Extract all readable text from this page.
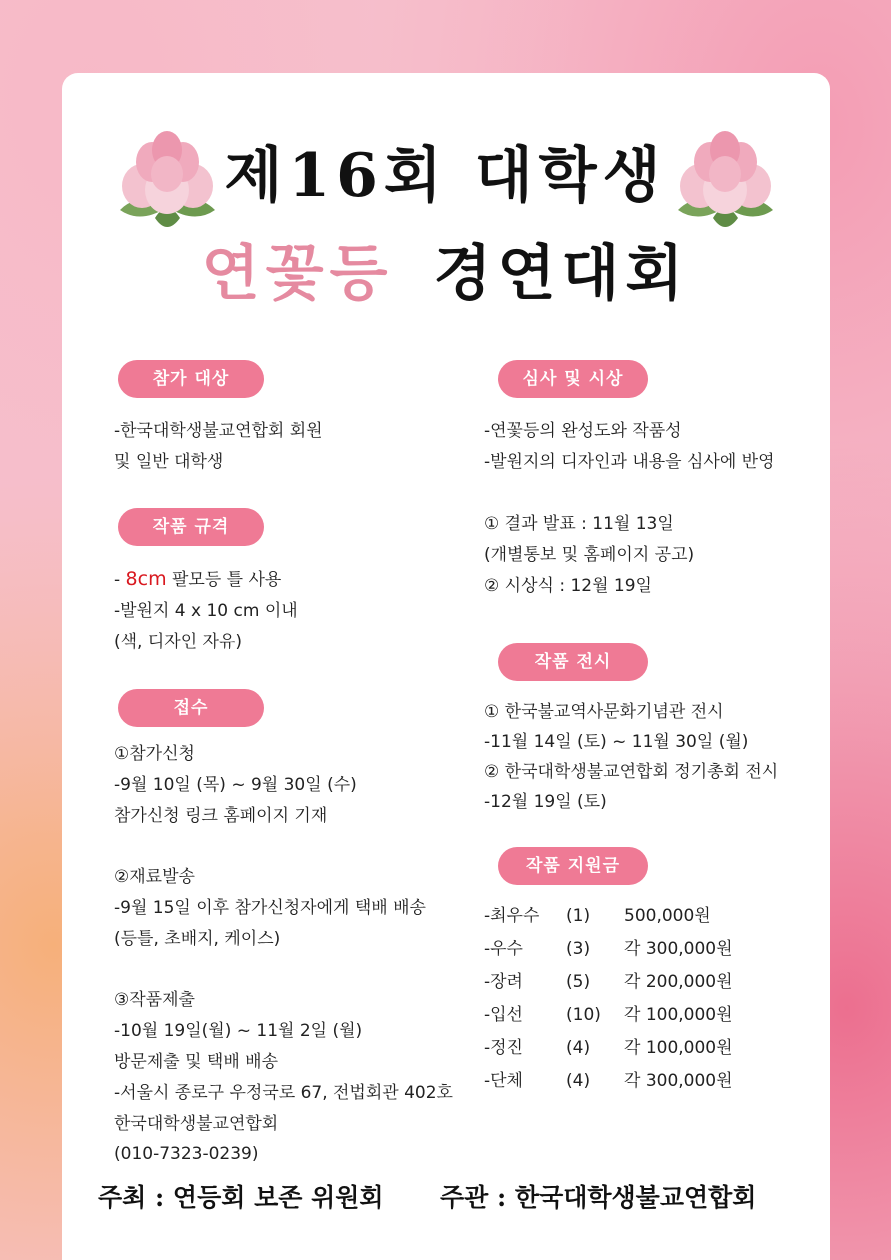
제16회 대학생
연꽃등 경연대회
참가 대상
-한국대학생불교연합회 회원
및 일반 대학생
작품 규격
- 8cm 팔모등 틀 사용
-발원지 4 x 10 cm 이내
(색, 디자인 자유)
접수
①참가신청
-9월 10일 (목) ~ 9월 30일 (수)
참가신청 링크 홈페이지 기재

②재료발송
-9월 15일 이후 참가신청자에게 택배 배송
(등틀, 초배지, 케이스)

③작품제출
-10월 19일(월) ~ 11월 2일 (월)
방문제출 및 택배 배송
-서울시 종로구 우정국로 67, 전법회관 402호
한국대학생불교연합회
(010-7323-0239)
심사 및 시상
-연꽃등의 완성도와 작품성
-발원지의 디자인과 내용을 심사에 반영

① 결과 발표 : 11월 13일
(개별통보 및 홈페이지 공고)
② 시상식 : 12월 19일
작품 전시
① 한국불교역사문화기념관 전시
-11월 14일 (토) ~ 11월 30일 (월)
② 한국대학생불교연합회 정기총회 전시
-12월 19일 (토)
작품 지원금
-최우수 (1) 500,000원
-우수	(3) 각 300,000원
-장려	(5) 각 200,000원
-입선	(10) 각 100,000원
-정진	(4) 각 100,000원
-단체	(4) 각 300,000원
주최 : 연등회 보존 위원회 주관 : 한국대학생불교연합회
